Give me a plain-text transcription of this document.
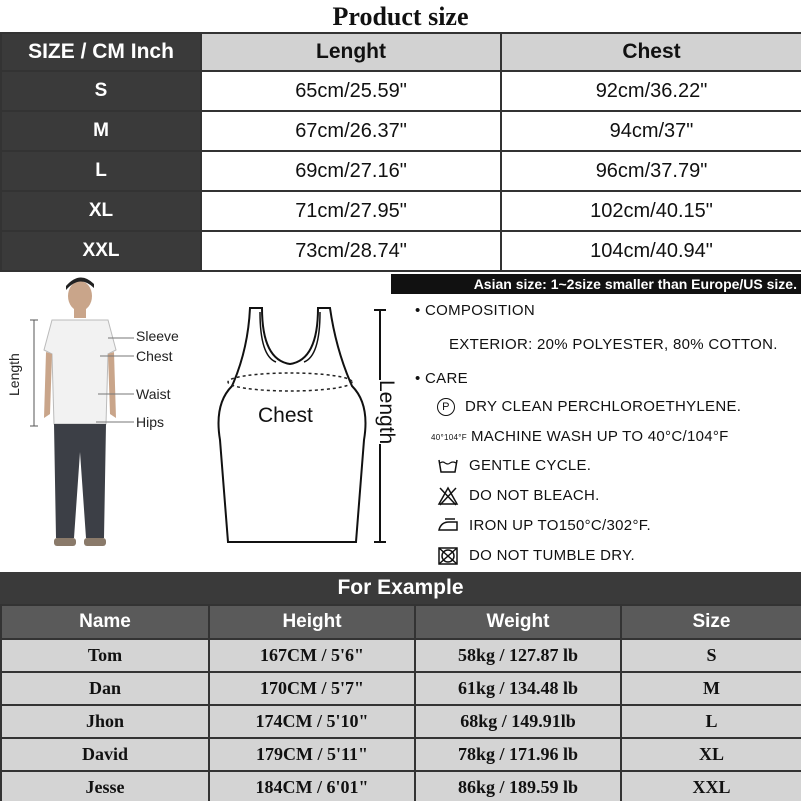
Product size
SIZE / CM Inch	Lenght	Chest
S	65cm/25.59"	92cm/36.22"
M	67cm/26.37"	94cm/37"
L	69cm/27.16"	96cm/37.79"
XL	71cm/27.95"	102cm/40.15"
XXL	73cm/28.74"	104cm/40.94"
Asian size: 1~2size smaller than Europe/US size.
Length
Sleeve
Chest
Waist
Hips	Chest	Length
• COMPOSITION
EXTERIOR: 20% POLYESTER, 80% COTTON.
• CARE
P DRY CLEAN PERCHLOROETHYLENE.
40°104°F MACHINE WASH UP TO 40°C/104°F
GENTLE CYCLE.
DO NOT BLEACH.
IRON UP TO150°C/302°F.
DO NOT TUMBLE DRY.
For Example
Name	Height	Weight	Size
Tom	167CM / 5'6"	58kg / 127.87 lb	S
Dan	170CM / 5'7"	61kg / 134.48 lb	M
Jhon	174CM / 5'10"	68kg / 149.91lb	L
David	179CM / 5'11"	78kg / 171.96 lb	XL
Jesse	184CM / 6'01"	86kg / 189.59 lb	XXL
